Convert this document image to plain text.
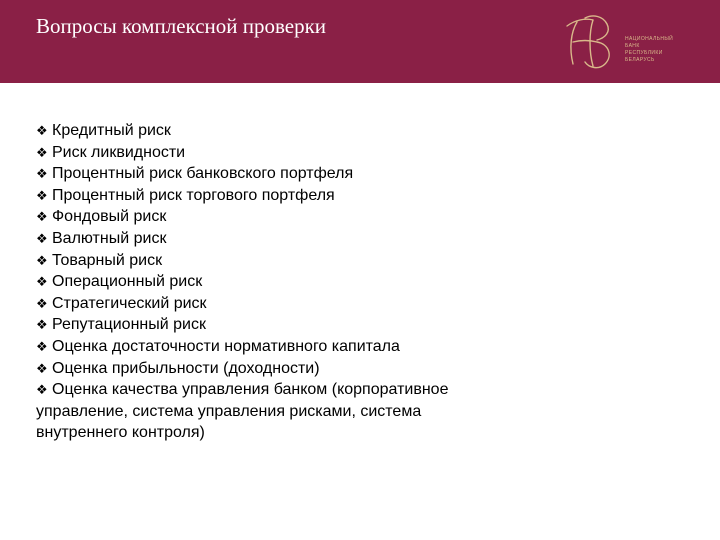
Вопросы комплексной проверки
НАЦИОНАЛЬНЫЙ
БАНК
РЕСПУБЛИКИ
БЕЛАРУСЬ
❖ Кредитный риск
❖ Риск ликвидности
❖ Процентный риск банковского портфеля
❖ Процентный риск торгового портфеля
❖ Фондовый риск
❖ Валютный риск
❖ Товарный риск
❖ Операционный риск
❖ Стратегический риск
❖ Репутационный риск
❖ Оценка достаточности нормативного капитала
❖ Оценка прибыльности (доходности)
❖ Оценка качества управления банком (корпоративное управление, система управления рисками, система внутреннего контроля)
